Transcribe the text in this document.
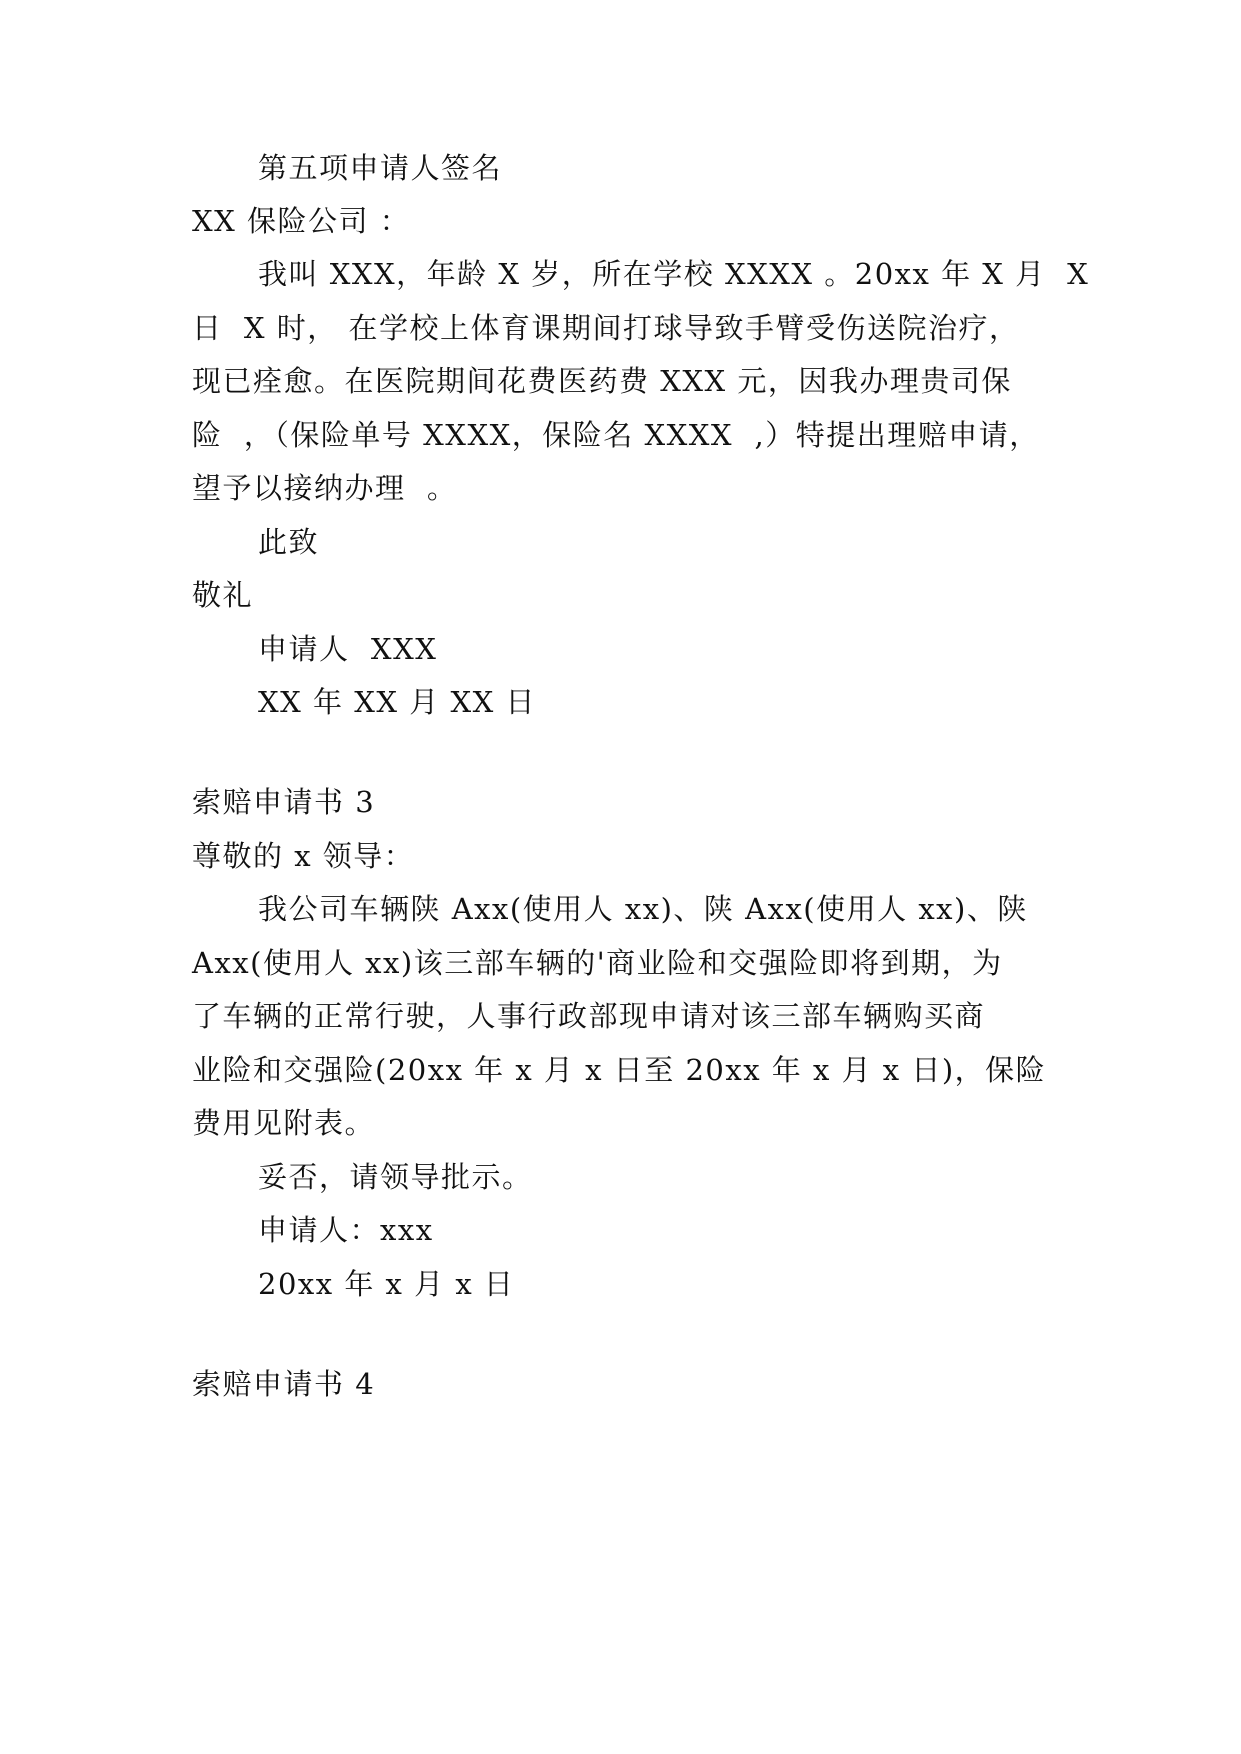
第五项申请人签名
XX 保险公司 ：
我叫 XXX，年龄 X 岁，所在学校 XXXX 。20xx 年 X 月  X
日  X 时， 在学校上体育课期间打球导致手臂受伤送院治疗，
现已痊愈。在医院期间花费医药费 XXX 元，因我办理贵司保
险  ，（保险单号 XXXX，保险名 XXXX  ,）特提出理赔申请，
望予以接纳办理  。
此致
敬礼
申请人  XXX
XX 年 XX 月 XX 日
索赔申请书 3
尊敬的 x 领导：
我公司车辆陕 Axx(使用人 xx)、陕 Axx(使用人 xx)、陕
Axx(使用人 xx)该三部车辆的'商业险和交强险即将到期，为
了车辆的正常行驶，人事行政部现申请对该三部车辆购买商
业险和交强险(20xx 年 x 月 x 日至 20xx 年 x 月 x 日)，保险
费用见附表。
妥否，请领导批示。
申请人：xxx
20xx 年 x 月 x 日
索赔申请书 4
